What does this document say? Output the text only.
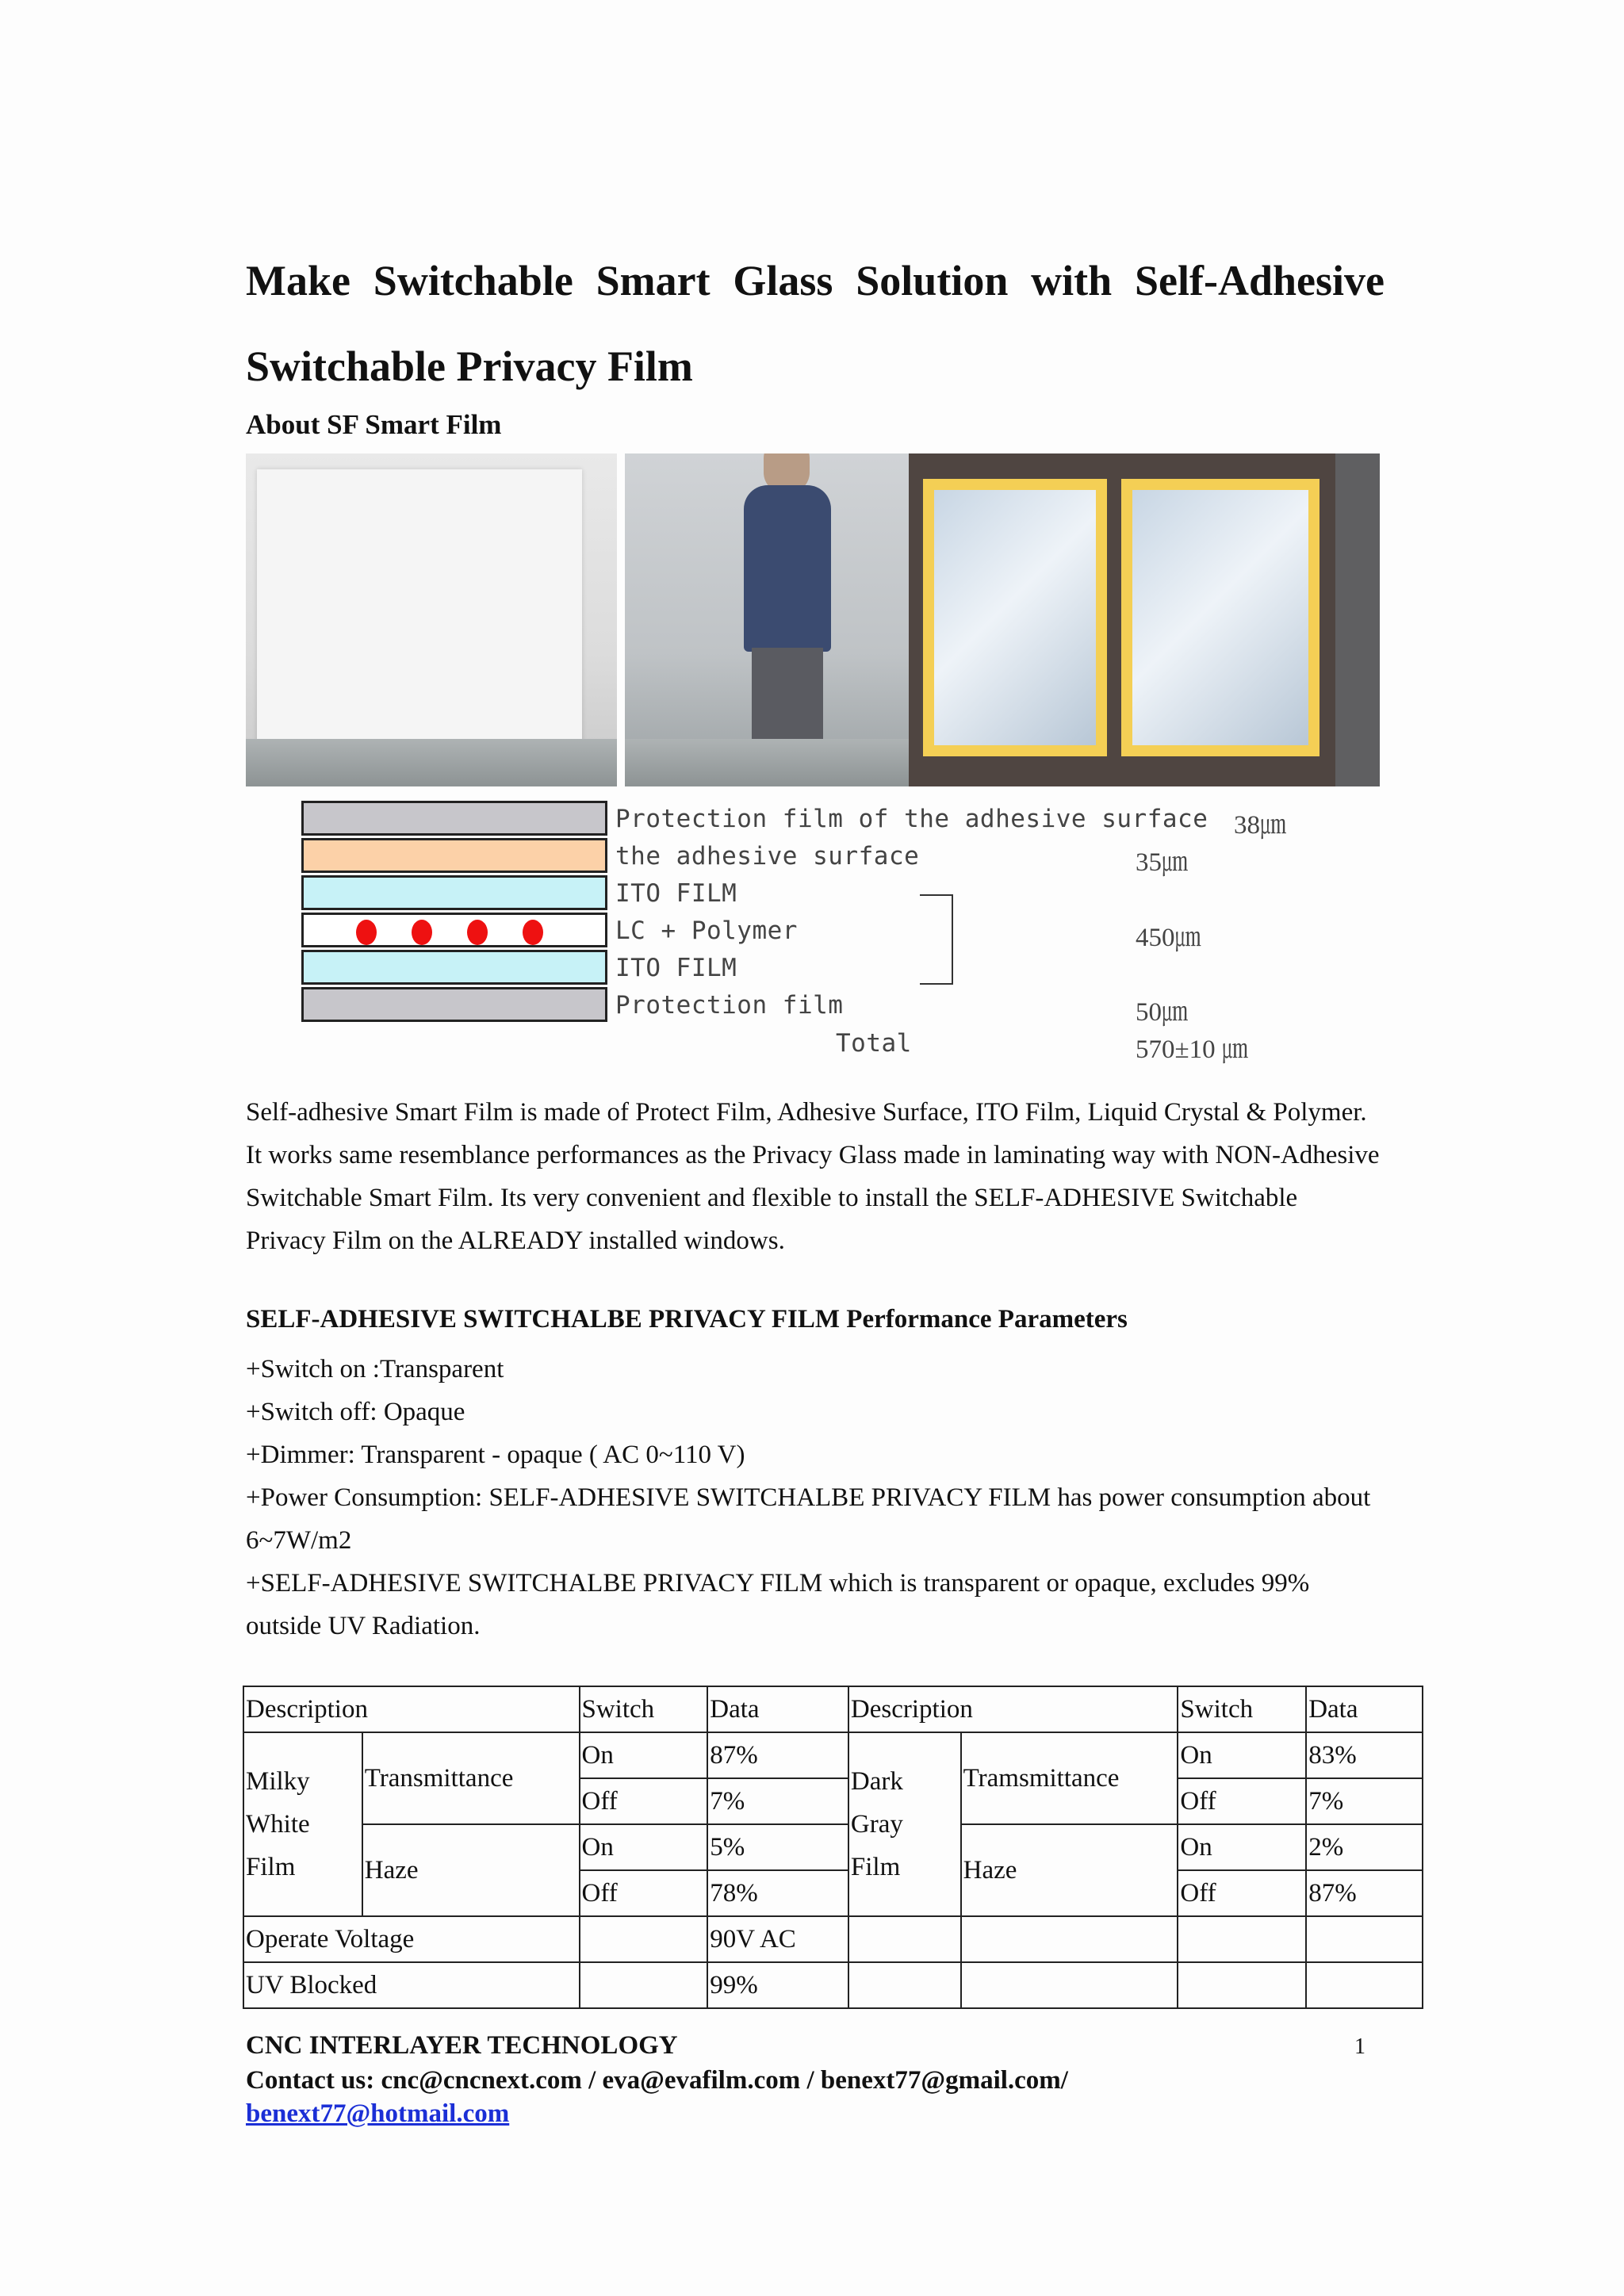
Make Switchable Smart Glass Solution with Self-Adhesive Switchable Privacy Film
About SF Smart Film
Protection film of the adhesive surface 38㎛
the adhesive surface	35㎛
ITO FILM
LC + Polymer	450㎛
ITO FILM
Protection film	50㎛
Total	570±10 ㎛

Self-adhesive Smart Film is made of Protect Film, Adhesive Surface, ITO Film, Liquid Crystal & Polymer. It works same resemblance performances as the Privacy Glass made in laminating way with NON-Adhesive Switchable Smart Film. Its very convenient and flexible to install the SELF-ADHESIVE Switchable Privacy Film on the ALREADY installed windows.

SELF-ADHESIVE SWITCHALBE PRIVACY FILM Performance Parameters

+Switch on :Transparent

+Switch off: Opaque

+Dimmer: Transparent - opaque ( AC 0~110 V)

+Power Consumption: SELF-ADHESIVE SWITCHALBE PRIVACY FILM has power consumption about 6~7W/m2

+SELF-ADHESIVE SWITCHALBE PRIVACY FILM which is transparent or opaque, excludes 99% outside UV Radiation.

Description		Switch	Data	Description		Switch	Data
Milky White Film	Transmittance	On	87%	Dark Gray Film	Tramsmittance	On	83%
		Off	7%			Off	7%
	Haze	On	5%		Haze	On	2%
		Off	78%			Off	87%
Operate Voltage			90V AC				
UV Blocked			99%				

CNC INTERLAYER TECHNOLOGY	1

Contact us: cnc@cncnext.com / eva@evafilm.com / benext77@gmail.com/

benext77@hotmail.com
